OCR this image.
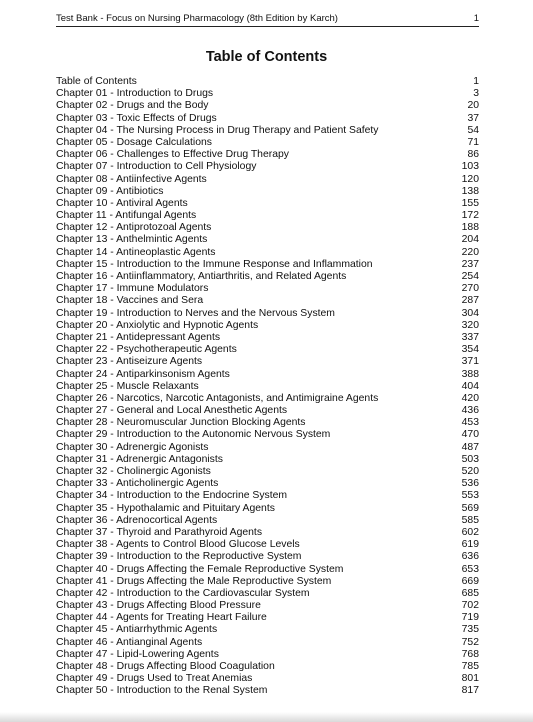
Test Bank - Focus on Nursing Pharmacology (8th Edition by Karch)	1
Table of Contents
Table of Contents	1
Chapter 01 - Introduction to Drugs	3
Chapter 02 - Drugs and the Body	20
Chapter 03 - Toxic Effects of Drugs	37
Chapter 04 - The Nursing Process in Drug Therapy and Patient Safety	54
Chapter 05 - Dosage Calculations	71
Chapter 06 - Challenges to Effective Drug Therapy	86
Chapter 07 - Introduction to Cell Physiology	103
Chapter 08 - Antiinfective Agents	120
Chapter 09 - Antibiotics	138
Chapter 10 - Antiviral Agents	155
Chapter 11 - Antifungal Agents	172
Chapter 12 - Antiprotozoal Agents	188
Chapter 13 - Anthelmintic Agents	204
Chapter 14 - Antineoplastic Agents	220
Chapter 15 - Introduction to the Immune Response and Inflammation	237
Chapter 16 - Antiinflammatory, Antiarthritis, and Related Agents	254
Chapter 17 - Immune Modulators	270
Chapter 18 - Vaccines and Sera	287
Chapter 19 - Introduction to Nerves and the Nervous System	304
Chapter 20 - Anxiolytic and Hypnotic Agents	320
Chapter 21 - Antidepressant Agents	337
Chapter 22 - Psychotherapeutic Agents	354
Chapter 23 - Antiseizure Agents	371
Chapter 24 - Antiparkinsonism Agents	388
Chapter 25 - Muscle Relaxants	404
Chapter 26 - Narcotics, Narcotic Antagonists, and Antimigraine Agents	420
Chapter 27 - General and Local Anesthetic Agents	436
Chapter 28 - Neuromuscular Junction Blocking Agents	453
Chapter 29 - Introduction to the Autonomic Nervous System	470
Chapter 30 - Adrenergic Agonists	487
Chapter 31 - Adrenergic Antagonists	503
Chapter 32 - Cholinergic Agonists	520
Chapter 33 - Anticholinergic Agents	536
Chapter 34 - Introduction to the Endocrine System	553
Chapter 35 - Hypothalamic and Pituitary Agents	569
Chapter 36 - Adrenocortical Agents	585
Chapter 37 - Thyroid and Parathyroid Agents	602
Chapter 38 - Agents to Control Blood Glucose Levels	619
Chapter 39 - Introduction to the Reproductive System	636
Chapter 40 - Drugs Affecting the Female Reproductive System	653
Chapter 41 - Drugs Affecting the Male Reproductive System	669
Chapter 42 - Introduction to the Cardiovascular System	685
Chapter 43 - Drugs Affecting Blood Pressure	702
Chapter 44 - Agents for Treating Heart Failure	719
Chapter 45 - Antiarrhythmic Agents	735
Chapter 46 - Antianginal Agents	752
Chapter 47 - Lipid-Lowering Agents	768
Chapter 48 - Drugs Affecting Blood Coagulation	785
Chapter 49 - Drugs Used to Treat Anemias	801
Chapter 50 - Introduction to the Renal System	817
